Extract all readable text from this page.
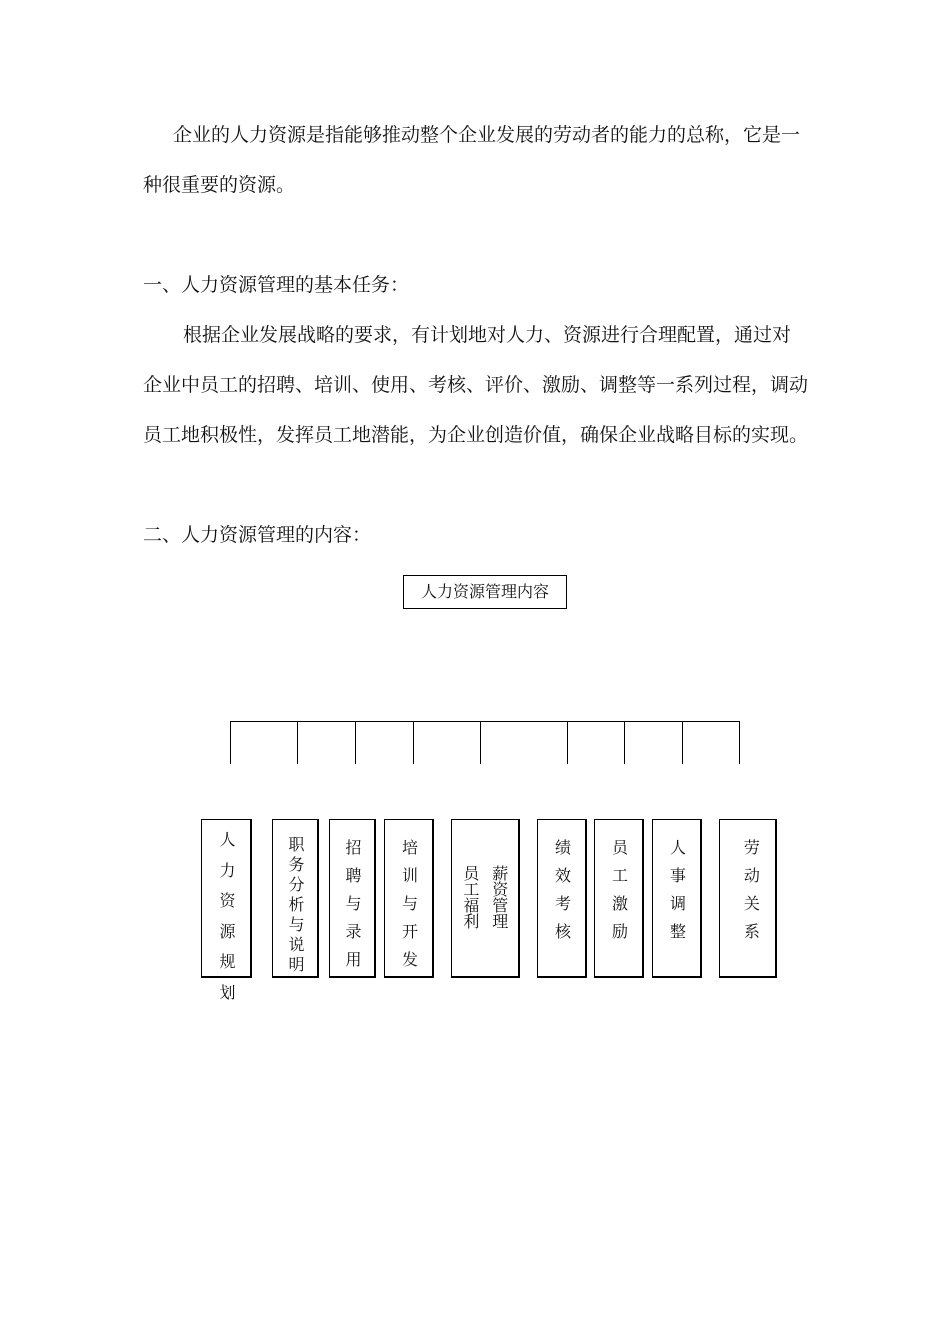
企业的人力资源是指能够推动整个企业发展的劳动者的能力的总称，它是一
种很重要的资源。
一、人力资源管理的基本任务：
根据企业发展战略的要求，有计划地对人力、资源进行合理配置，通过对
企业中员工的招聘、培训、使用、考核、评价、激励、调整等一系列过程，调动
员工地积极性，发挥员工地潜能，为企业创造价值，确保企业战略目标的实现。
二、人力资源管理的内容：
人力资源管理内容
人
力
资
源
规
划
职
务
分
析
与
说
明
招
聘
与
录
用
培
训
与
开
发
薪
资
管
理
员
工
福
利
绩
效
考
核
员
工
激
励
人
事
调
整
劳
动
关
系
